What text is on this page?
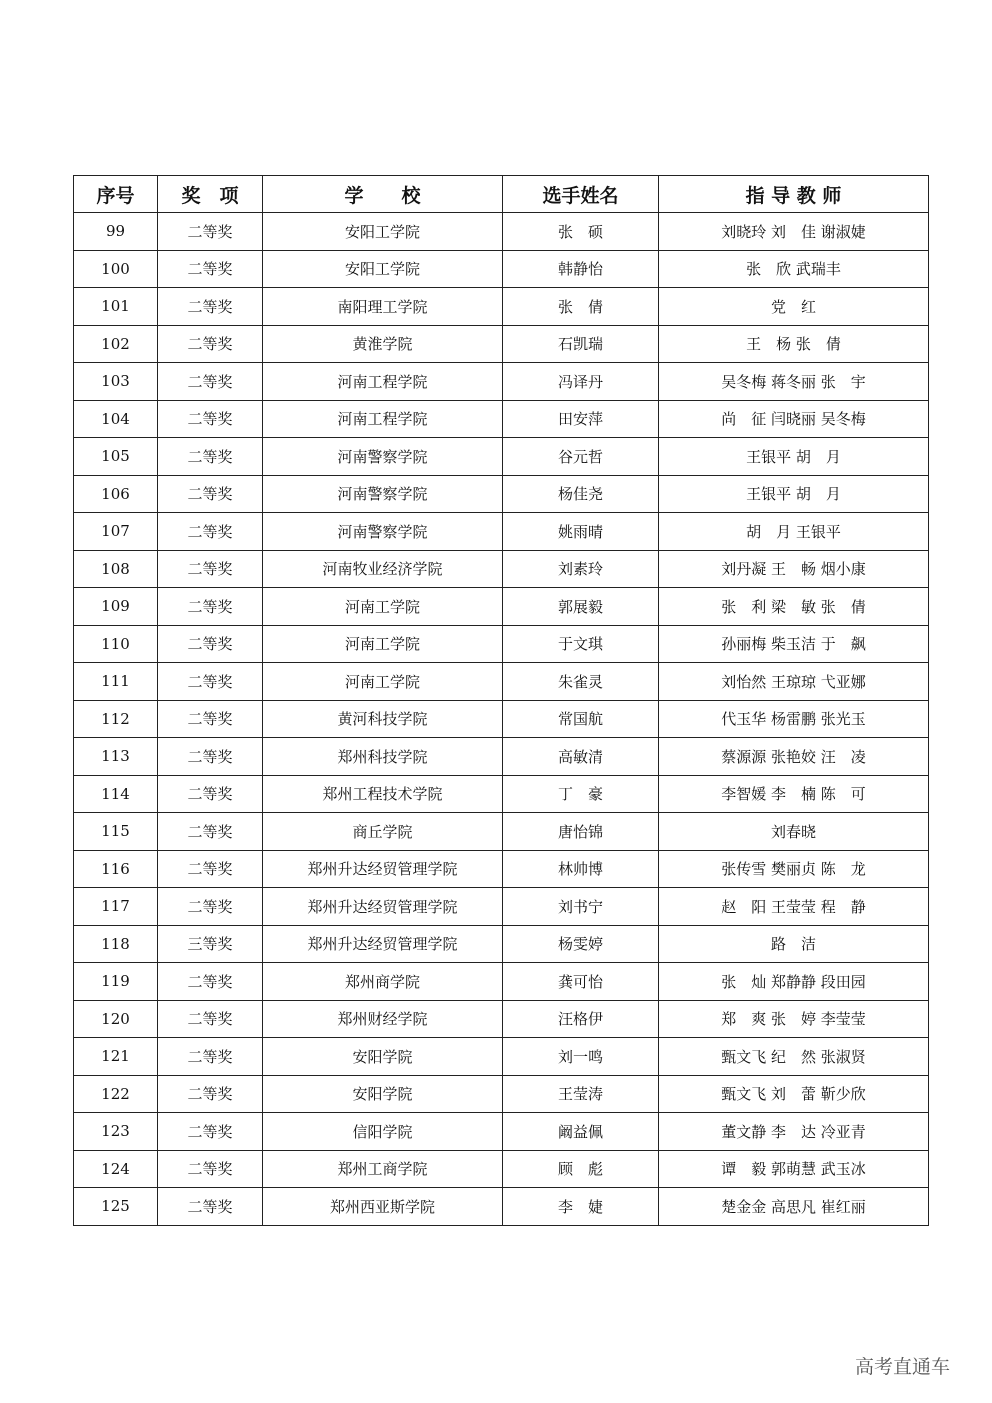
序号	奖　项	学　　校	选手姓名	指 导 教 师
99	二等奖	安阳工学院	张　硕	刘晓玲 刘　佳 谢淑婕
100	二等奖	安阳工学院	韩静怡	张　欣 武瑞丰
101	二等奖	南阳理工学院	张　倩	党　红
102	二等奖	黄淮学院	石凯瑞	王　杨 张　倩
103	二等奖	河南工程学院	冯译丹	吴冬梅 蒋冬丽 张　宇
104	二等奖	河南工程学院	田安萍	尚　征 闫晓丽 吴冬梅
105	二等奖	河南警察学院	谷元哲	王银平 胡　月
106	二等奖	河南警察学院	杨佳尧	王银平 胡　月
107	二等奖	河南警察学院	姚雨晴	胡　月 王银平
108	二等奖	河南牧业经济学院	刘素玲	刘丹凝 王　畅 烟小康
109	二等奖	河南工学院	郭展毅	张　利 梁　敏 张　倩
110	二等奖	河南工学院	于文琪	孙丽梅 柴玉洁 于　飙
111	二等奖	河南工学院	朱雀灵	刘怡然 王琼琼 弋亚娜
112	二等奖	黄河科技学院	常国航	代玉华 杨雷鹏 张光玉
113	二等奖	郑州科技学院	高敏清	蔡源源 张艳姣 汪　凌
114	二等奖	郑州工程技术学院	丁　豪	李智媛 李　楠 陈　可
115	二等奖	商丘学院	唐怡锦	刘春晓
116	二等奖	郑州升达经贸管理学院	林帅博	张传雪 樊丽贞 陈　龙
117	二等奖	郑州升达经贸管理学院	刘书宁	赵　阳 王莹莹 程　静
118	三等奖	郑州升达经贸管理学院	杨雯婷	路　洁
119	二等奖	郑州商学院	龚可怡	张　灿 郑静静 段田园
120	二等奖	郑州财经学院	汪格伊	郑　爽 张　婷 李莹莹
121	二等奖	安阳学院	刘一鸣	甄文飞 纪　然 张淑贤
122	二等奖	安阳学院	王莹涛	甄文飞 刘　蕾 靳少欣
123	二等奖	信阳学院	阚益佩	董文静 李　达 冷亚青
124	二等奖	郑州工商学院	顾　彪	谭　毅 郭萌慧 武玉冰
125	二等奖	郑州西亚斯学院	李　婕	楚金金 高思凡 崔红丽
高考直通车
